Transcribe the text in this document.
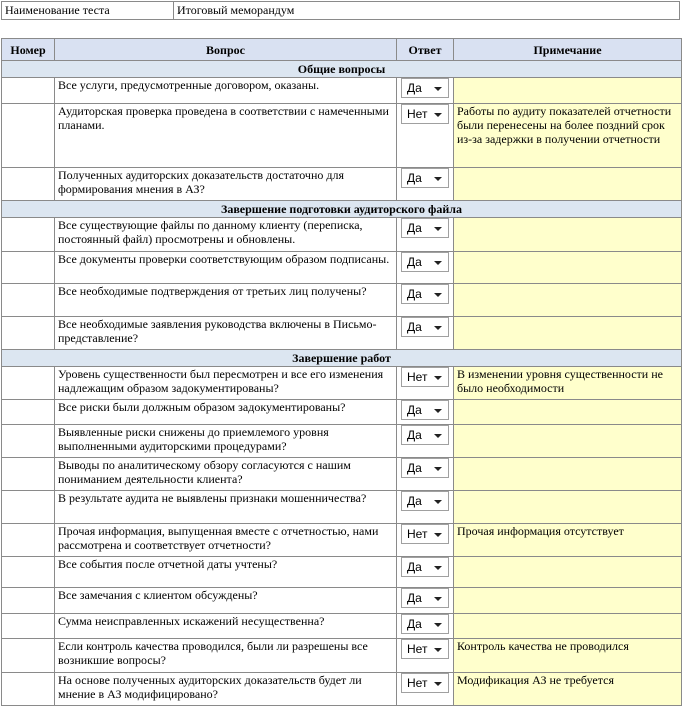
Наименование теста	Итоговый меморандум
Номер	Вопрос	Ответ	Примечание
Общие вопросы			
	Все услуги, предусмотренные договором, оказаны.	Да

	Аудиторская проверка проведена в соответствии с намеченными планами.	Нет	Работы по аудиту показателей отчетности были перенесены на более поздний срок из-за задержки в получении отчетности
	Полученных аудиторских доказательств достаточно для формирования мнения в АЗ?	Да

Завершение подготовки аудиторского файла			
	Все существующие файлы по данному клиенту (переписка, постоянный файл) просмотрены и обновлены.	Да

	Все документы проверки соответствующим образом подписаны.	Да

	Все необходимые подтверждения от третьих лиц получены?	Да

	Все необходимые заявления руководства включены в Письмо-представление?	Да

Завершение работ			
	Уровень существенности был пересмотрен и все его изменения надлежащим образом задокументированы?	Нет	В изменении уровня существенности не было необходимости
	Все риски были должным образом задокументированы?	Да

	Выявленные риски снижены до приемлемого уровня выполненными аудиторскими процедурами?	Да

	Выводы по аналитическому обзору согласуются с нашим пониманием деятельности клиента?	Да

	В результате аудита не выявлены признаки мошенничества?	Да

	Прочая информация, выпущенная вместе с отчетностью, нами рассмотрена и соответствует отчетности?	Нет	Прочая информация отсутствует
	Все события после отчетной даты учтены?	Да

	Все замечания с клиентом обсуждены?	Да

	Сумма неисправленных искажений несущественна?	Да

	Если контроль качества проводился, были ли разрешены все возникшие вопросы?	Нет	Контроль качества не проводился
	На основе полученных аудиторских доказательств будет ли мнение в АЗ модифицировано?	Нет	Модификация АЗ не требуется
